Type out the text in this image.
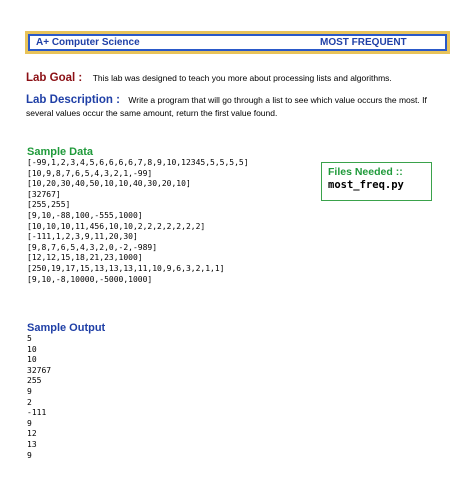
A+ Computer Science	MOST FREQUENT
Lab Goal : This lab was designed to teach you more about processing lists and algorithms.
Lab Description : Write a program that will go through a list to see which value occurs the most. If several values occur the same amount, return the first value found.
Sample Data
[-99,1,2,3,4,5,6,6,6,6,7,8,9,10,12345,5,5,5,5]
[10,9,8,7,6,5,4,3,2,1,-99]
[10,20,30,40,50,10,10,40,30,20,10]
[32767]
[255,255]
[9,10,-88,100,-555,1000]
[10,10,10,11,456,10,10,2,2,2,2,2,2,2]
[-111,1,2,3,9,11,20,30]
[9,8,7,6,5,4,3,2,0,-2,-989]
[12,12,15,18,21,23,1000]
[250,19,17,15,13,13,13,11,10,9,6,3,2,1,1]
[9,10,-8,10000,-5000,1000]
Files Needed ::
most_freq.py
Sample Output
5
10
10
32767
255
9
2
-111
9
12
13
9
